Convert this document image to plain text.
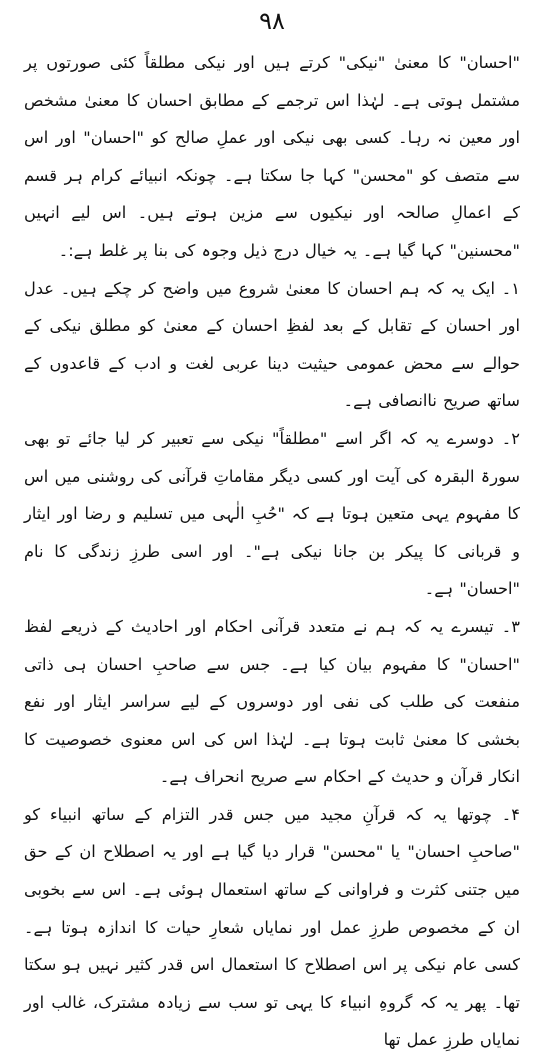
۹۸

"احسان" کا معنیٰ "نیکی" کرتے ہیں اور نیکی مطلقاً کئی صورتوں پر مشتمل ہوتی ہے۔ لہٰذا اس ترجمے کے مطابق احسان کا معنیٰ مشخص اور معین نہ رہا۔ کسی بھی نیکی اور عملِ صالح کو "احسان" اور اس سے متصف کو "محسن" کہا جا سکتا ہے۔ چونکہ انبیائے کرام ہر قسم کے اعمالِ صالحہ اور نیکیوں سے مزین ہوتے ہیں۔ اس لیے انہیں "محسنین" کہا گیا ہے۔ یہ خیال درج ذیل وجوہ کی بنا پر غلط ہے:۔

۱۔ ایک یہ کہ ہم احسان کا معنیٰ شروع میں واضح کر چکے ہیں۔ عدل اور احسان کے تقابل کے بعد لفظِ احسان کے معنیٰ کو مطلق نیکی کے حوالے سے محض عمومی حیثیت دینا عربی لغت و ادب کے قاعدوں کے ساتھ صریح ناانصافی ہے۔

۲۔ دوسرے یہ کہ اگر اسے "مطلقاً" نیکی سے تعبیر کر لیا جائے تو بھی سورۃ البقرہ کی آیت اور کسی دیگر مقاماتِ قرآنی کی روشنی میں اس کا مفہوم یہی متعین ہوتا ہے کہ "حُبِ الٰہی میں تسلیم و رضا اور ایثار و قربانی کا پیکر بن جانا نیکی ہے"۔ اور اسی طرزِ زندگی کا نام "احسان" ہے۔

۳۔ تیسرے یہ کہ ہم نے متعدد قرآنی احکام اور احادیث کے ذریعے لفظ "احسان" کا مفہوم بیان کیا ہے۔ جس سے صاحبِ احسان ہی ذاتی منفعت کی طلب کی نفی اور دوسروں کے لیے سراسر ایثار اور نفع بخشی کا معنیٰ ثابت ہوتا ہے۔ لہٰذا اس کی اس معنوی خصوصیت کا انکار قرآن و حدیث کے احکام سے صریح انحراف ہے۔

۴۔ چوتھا یہ کہ قرآنِ مجید میں جس قدر التزام کے ساتھ انبیاء کو "صاحبِ احسان" یا "محسن" قرار دیا گیا ہے اور یہ اصطلاح ان کے حق میں جتنی کثرت و فراوانی کے ساتھ استعمال ہوئی ہے۔ اس سے بخوبی ان کے مخصوص طرزِ عمل اور نمایاں شعارِ حیات کا اندازہ ہوتا ہے۔ کسی عام نیکی پر اس اصطلاح کا استعمال اس قدر کثیر نہیں ہو سکتا تھا۔ پھر یہ کہ گروہِ انبیاء کا یہی تو سب سے زیادہ مشترک، غالب اور نمایاں طرزِ عمل تھا
